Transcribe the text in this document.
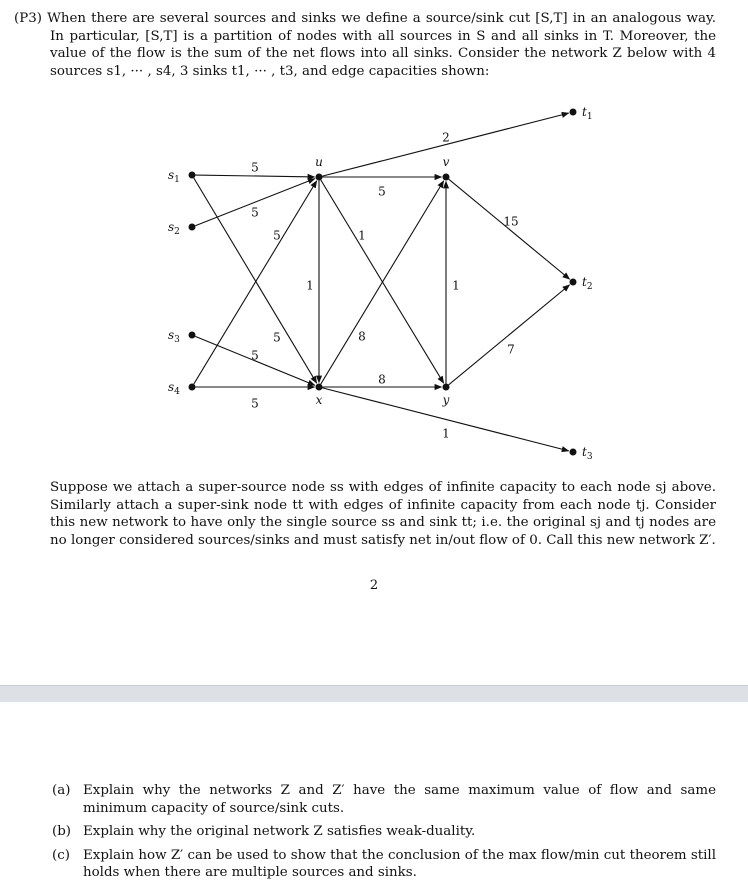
(P3) When there are several sources and sinks we define a source/sink cut [S,T] in an analogous way. In particular, [S,T] is a partition of nodes with all sources in S and all sinks in T. Moreover, the value of the flow is the sum of the net flows into all sinks. Consider the network Z below with 4 sources s1, ··· , s4, 3 sinks t1, ··· , t3, and edge capacities shown:
5
5
5
5
5
5
5
2
1
1
8
8
1
15
1
7
$s_1$
$s_2$
$s_3$
$s_4$
u	v
x	y
$t_1$
$t_2$
$t_3$
Suppose we attach a super-source node ss with edges of infinite capacity to each node sj above. Similarly attach a super-sink node tt with edges of infinite capacity from each node tj. Consider this new network to have only the single source ss and sink tt; i.e. the original sj and tj nodes are no longer considered sources/sinks and must satisfy net in/out flow of 0. Call this new network Z′.
2
(a) Explain why the networks Z and Z′ have the same maximum value of flow and same minimum capacity of source/sink cuts.
(b) Explain why the original network Z satisfies weak-duality.
(c) Explain how Z′ can be used to show that the conclusion of the max flow/min cut theorem still holds when there are multiple sources and sinks.
